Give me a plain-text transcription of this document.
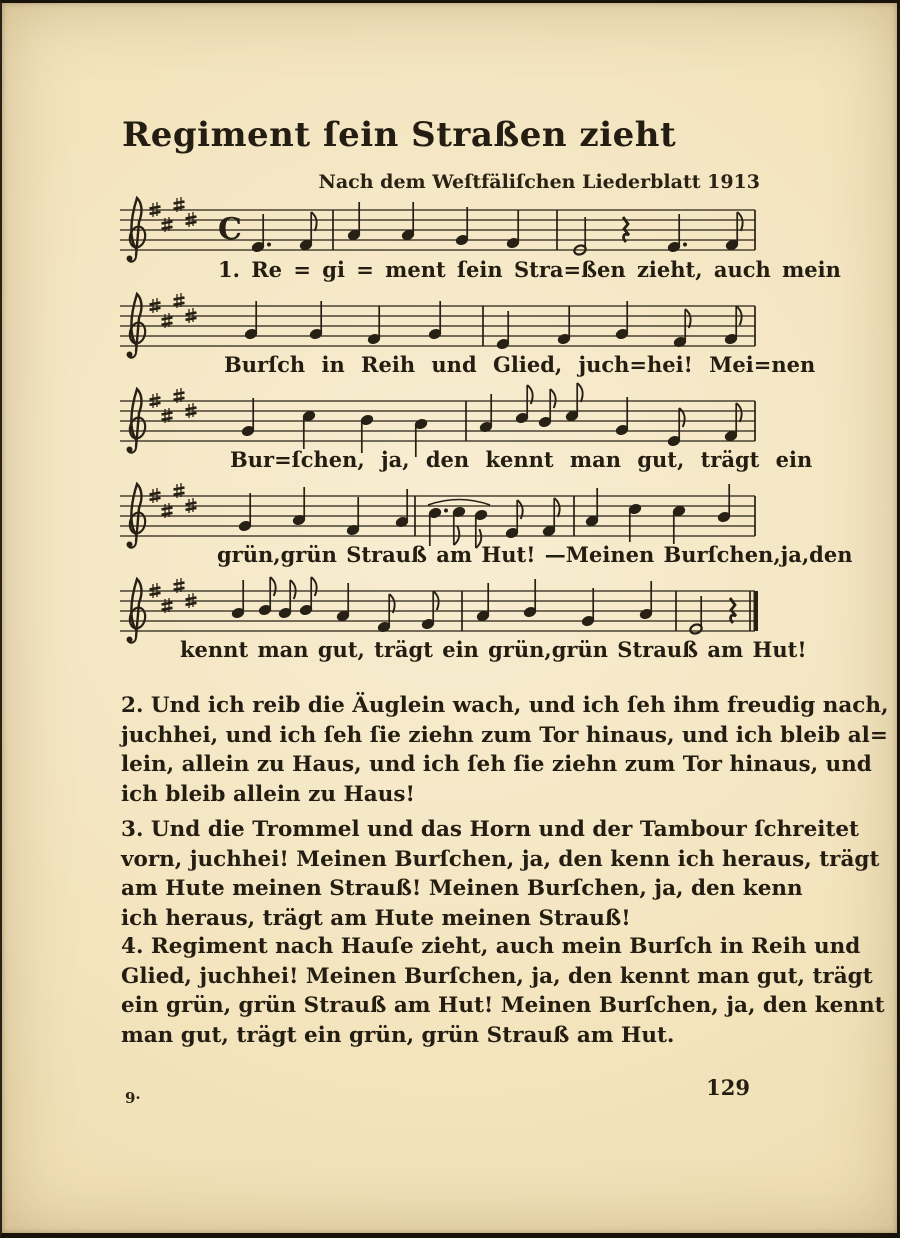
Regiment ſein Straßen zieht
Nach dem Weſtfäliſchen Liederblatt 1913
C
1. Re = gi = ment ſein Stra=ßen zieht, auch mein
Burſch in Reih und Glied, juch=hei! Mei=nen
Bur=ſchen, ja, den kennt man gut, trägt ein
grün,grün Strauß am Hut! —Meinen Burſchen,ja,den
kennt man gut, trägt ein grün,grün Strauß am Hut!
2. Und ich reib die Äuglein wach, und ich ſeh ihm freudig nach,
juchhei, und ich ſeh ſie ziehn zum Tor hinaus, und ich bleib al=
lein, allein zu Haus, und ich ſeh ſie ziehn zum Tor hinaus, und
ich bleib allein zu Haus!
3. Und die Trommel und das Horn und der Tambour ſchreitet
vorn, juchhei! Meinen Burſchen, ja, den kenn ich heraus, trägt
am Hute meinen Strauß! Meinen Burſchen, ja, den kenn
ich heraus, trägt am Hute meinen Strauß!
4. Regiment nach Hauſe zieht, auch mein Burſch in Reih und
Glied, juchhei! Meinen Burſchen, ja, den kennt man gut, trägt
ein grün, grün Strauß am Hut! Meinen Burſchen, ja, den kennt
man gut, trägt ein grün, grün Strauß am Hut.
9·	129
